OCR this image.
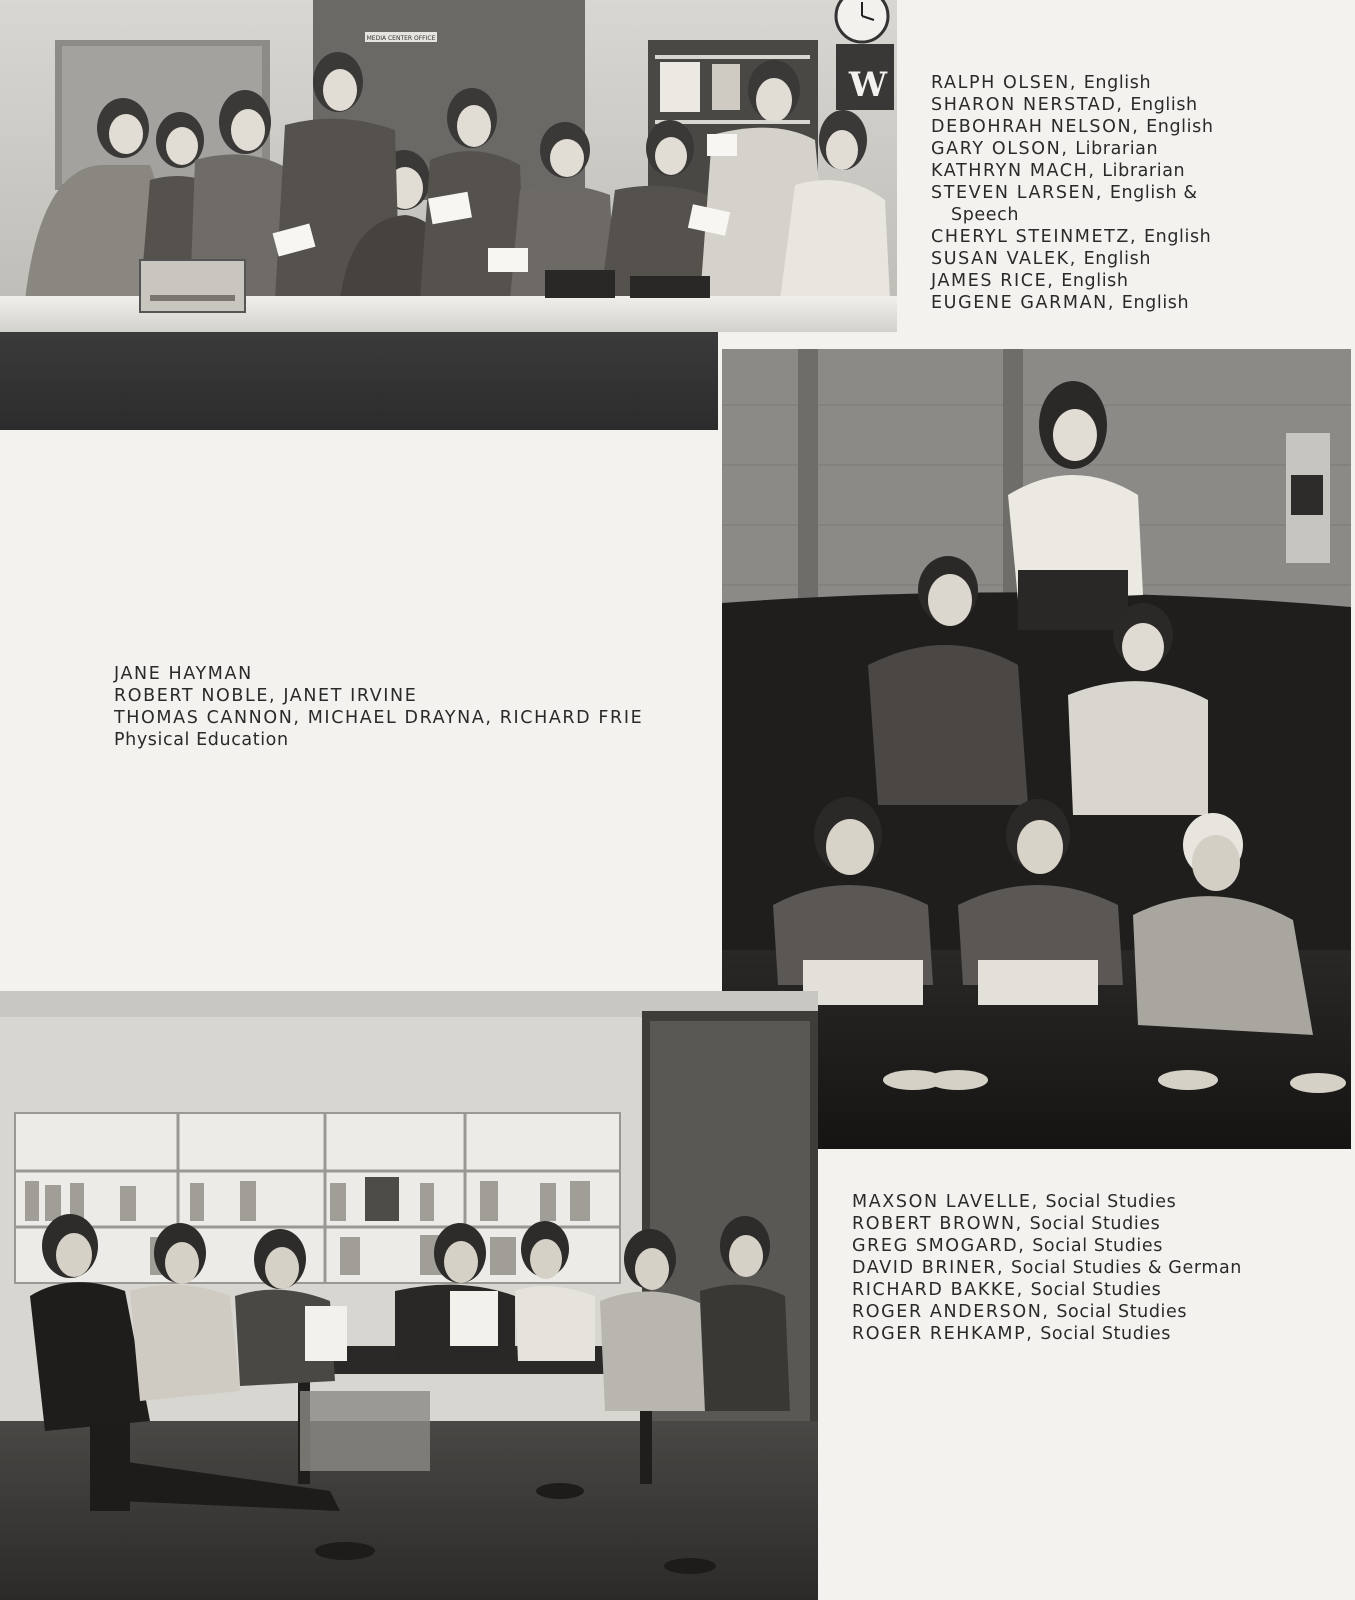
MEDIA CENTER OFFICE
W	RALPH OLSEN, English
SHARON NERSTAD, English
DEBOHRAH NELSON, English
GARY OLSON, Librarian
KATHRYN MACH, Librarian
STEVEN LARSEN, English &
Speech
CHERYL STEINMETZ, English
SUSAN VALEK, English
JAMES RICE, English
EUGENE GARMAN, English
JANE HAYMAN
ROBERT NOBLE, JANET IRVINE
THOMAS CANNON, MICHAEL DRAYNA, RICHARD FRIE
Physical Education
MAXSON LAVELLE, Social Studies
ROBERT BROWN, Social Studies
GREG SMOGARD, Social Studies
DAVID BRINER, Social Studies & German
RICHARD BAKKE, Social Studies
ROGER ANDERSON, Social Studies
ROGER REHKAMP, Social Studies
